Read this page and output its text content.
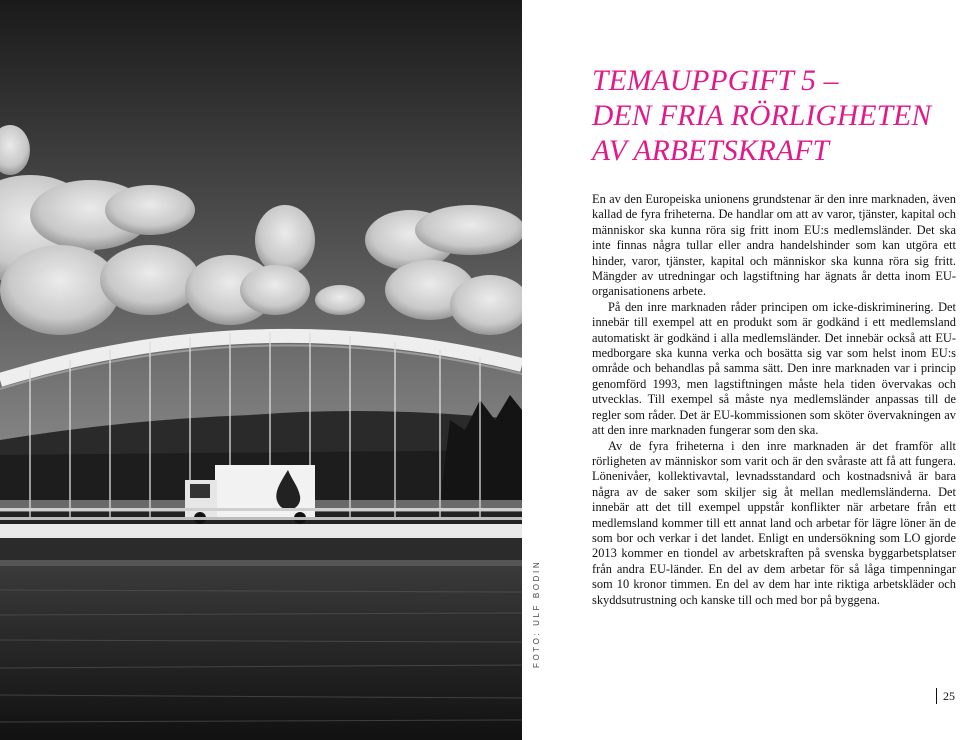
FOTO: ULF BODIN
TEMAUPPGIFT 5 –
DEN FRIA RÖRLIGHETEN
AV ARBETSKRAFT

En av den Europeiska unionens grundstenar är den inre marknaden, även kallad de fyra friheterna. De handlar om att av varor, tjänster, kapital och människor ska kunna röra sig fritt inom EU:s medlemsländer. Det ska inte finnas några tullar eller andra handelshinder som kan utgöra ett hinder, varor, tjänster, kapital och människor ska kunna röra sig fritt. Mängder av utredningar och lagstiftning har ägnats år detta inom EU-organisationens arbete.

På den inre marknaden råder principen om icke-diskriminering. Det innebär till exempel att en produkt som är godkänd i ett medlemsland automatiskt är godkänd i alla medlemsländer. Det innebär också att EU-medborgare ska kunna verka och bosätta sig var som helst inom EU:s område och behandlas på samma sätt. Den inre marknaden var i princip genomförd 1993, men lagstiftningen måste hela tiden övervakas och utvecklas. Till exempel så måste nya medlemsländer anpassas till de regler som råder. Det är EU-kommissionen som sköter övervakningen av att den inre marknaden fungerar som den ska.

Av de fyra friheterna i den inre marknaden är det framför allt rörligheten av människor som varit och är den svåraste att få att fungera. Lönenivåer, kollektivavtal, levnadsstandard och kostnadsnivå är bara några av de saker som skiljer sig åt mellan medlemsländerna. Det innebär att det till exempel uppstår konflikter när arbetare från ett medlemsland kommer till ett annat land och arbetar för lägre löner än de som bor och verkar i det landet. Enligt en undersökning som LO gjorde 2013 kommer en tiondel av arbetskraften på svenska byggarbetsplatser från andra EU-länder. En del av dem arbetar för så låga timpenningar som 10 kronor timmen. En del av dem har inte riktiga arbetskläder och skyddsutrustning och kanske till och med bor på byggena.

25
